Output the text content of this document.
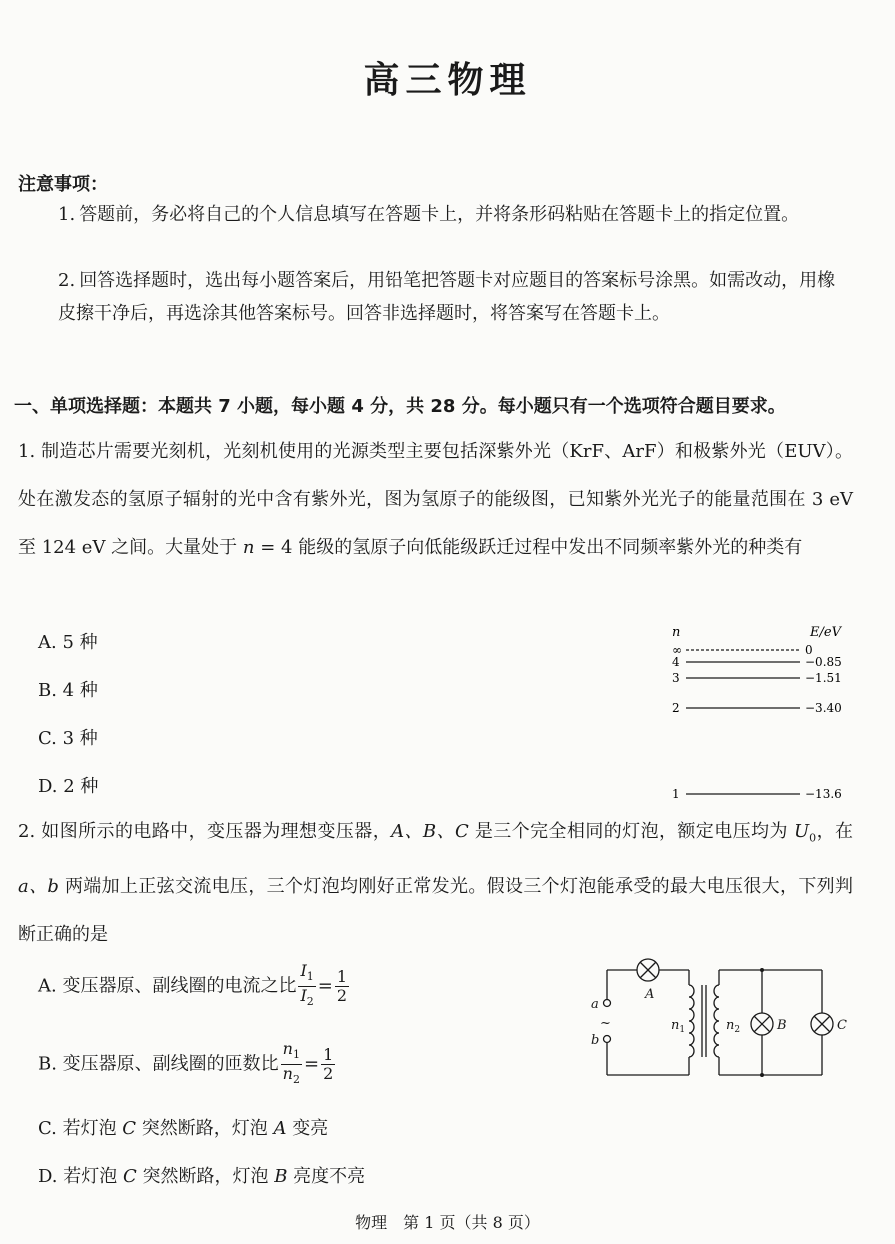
高三物理
注意事项：
1. 答题前，务必将自己的个人信息填写在答题卡上，并将条形码粘贴在答题卡上的指定位置。
2. 回答选择题时，选出每小题答案后，用铅笔把答题卡对应题目的答案标号涂黑。如需改动，用橡皮擦干净后，再选涂其他答案标号。回答非选择题时，将答案写在答题卡上。
一、单项选择题：本题共 7 小题，每小题 4 分，共 28 分。每小题只有一个选项符合题目要求。
1. 制造芯片需要光刻机，光刻机使用的光源类型主要包括深紫外光（KrF、ArF）和极紫外光（EUV）。处在激发态的氢原子辐射的光中含有紫外光，图为氢原子的能级图，已知紫外光光子的能量范围在 3 eV 至 124 eV 之间。大量处于 n = 4 能级的氢原子向低能级跃迁过程中发出不同频率紫外光的种类有
A. 5 种
B. 4 种
C. 3 种
D. 2 种
n	E/eV
∞	0
4	−0.85
3	−1.51
2	−3.40
1	−13.6
2. 如图所示的电路中，变压器为理想变压器，A、B、C 是三个完全相同的灯泡，额定电压均为 $U_0$，在 a、b 两端加上正弦交流电压，三个灯泡均刚好正常发光。假设三个灯泡能承受的最大电压很大，下列判断正确的是
A. 变压器原、副线圈的电流之比 $\frac{I_1}{I_2} = \frac{1}{2}$
B. 变压器原、副线圈的匝数比 $\frac{n_1}{n_2} = \frac{1}{2}$
C. 若灯泡 C 突然断路，灯泡 A 变亮
D. 若灯泡 C 突然断路，灯泡 B 亮度不亮
a
~
b
A
B	C
$n_1$	$n_2$
物理　第 1 页（共 8 页）
